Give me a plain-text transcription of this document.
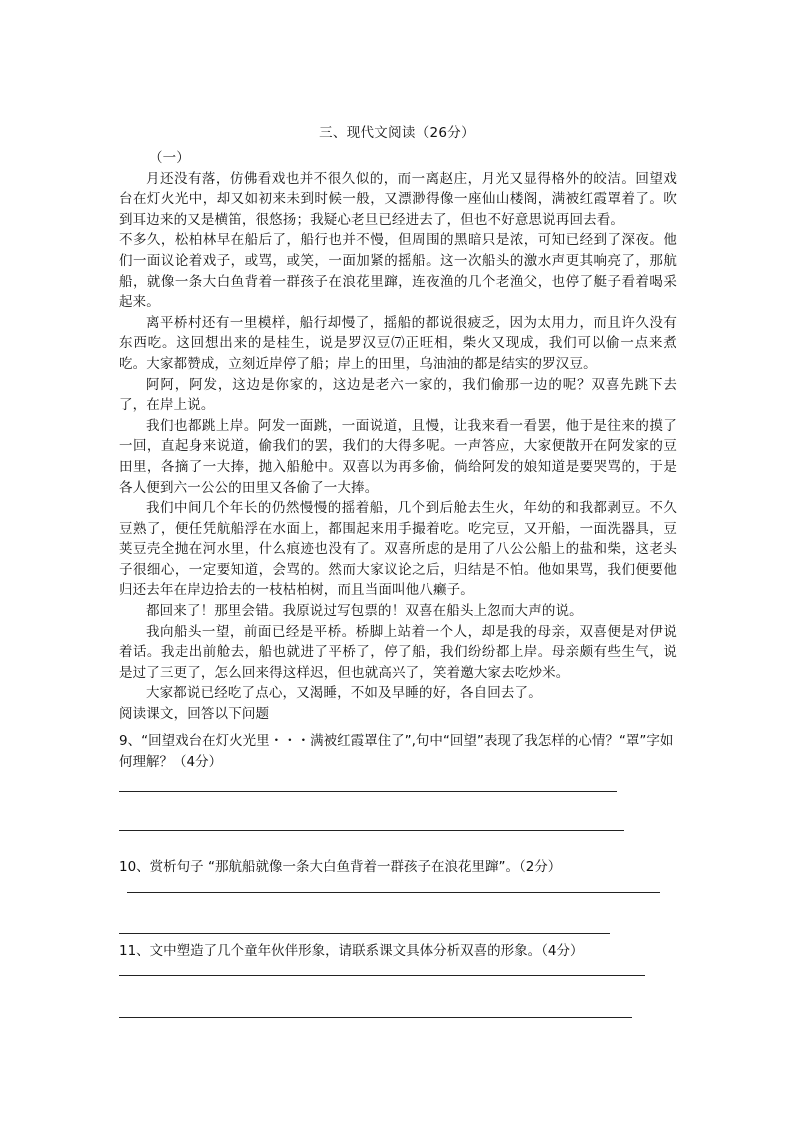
三、现代文阅读（26分）

（一）

月还没有落，仿佛看戏也并不很久似的，而一离赵庄，月光又显得格外的皎洁。回望戏台在灯火光中，却又如初来未到时候一般，又漂渺得像一座仙山楼阁，满被红霞罩着了。吹到耳边来的又是横笛，很悠扬；我疑心老旦已经进去了，但也不好意思说再回去看。

不多久，松柏林早在船后了，船行也并不慢，但周围的黑暗只是浓，可知已经到了深夜。他们一面议论着戏子，或骂，或笑，一面加紧的摇船。这一次船头的激水声更其响亮了，那航船，就像一条大白鱼背着一群孩子在浪花里蹿，连夜渔的几个老渔父，也停了艇子看着喝采起来。

离平桥村还有一里模样，船行却慢了，摇船的都说很疲乏，因为太用力，而且许久没有东西吃。这回想出来的是桂生，说是罗汉豆⑺正旺相，柴火又现成，我们可以偷一点来煮吃。大家都赞成，立刻近岸停了船；岸上的田里，乌油油的都是结实的罗汉豆。

阿阿，阿发，这边是你家的，这边是老六一家的，我们偷那一边的呢？双喜先跳下去了，在岸上说。

我们也都跳上岸。阿发一面跳，一面说道，且慢，让我来看一看罢，他于是往来的摸了一回，直起身来说道，偷我们的罢，我们的大得多呢。一声答应，大家便散开在阿发家的豆田里，各摘了一大捧，抛入船舱中。双喜以为再多偷，倘给阿发的娘知道是要哭骂的，于是各人便到六一公公的田里又各偷了一大捧。

我们中间几个年长的仍然慢慢的摇着船，几个到后舱去生火，年幼的和我都剥豆。不久豆熟了，便任凭航船浮在水面上，都围起来用手撮着吃。吃完豆，又开船，一面洗器具，豆荚豆壳全抛在河水里，什么痕迹也没有了。双喜所虑的是用了八公公船上的盐和柴，这老头子很细心，一定要知道，会骂的。然而大家议论之后，归结是不怕。他如果骂，我们便要他归还去年在岸边拾去的一枝枯柏树，而且当面叫他八癞子。

都回来了！那里会错。我原说过写包票的！双喜在船头上忽而大声的说。

我向船头一望，前面已经是平桥。桥脚上站着一个人，却是我的母亲，双喜便是对伊说着话。我走出前舱去，船也就进了平桥了，停了船，我们纷纷都上岸。母亲颇有些生气，说是过了三更了，怎么回来得这样迟，但也就高兴了，笑着邀大家去吃炒米。

大家都说已经吃了点心，又渴睡，不如及早睡的好，各自回去了。

阅读课文，回答以下问题

9、“回望戏台在灯火光里・・・满被红霞罩住了”,句中“回望”表现了我怎样的心情？“罩”字如何理解？（4分）
10、赏析句子 “那航船就像一条大白鱼背着一群孩子在浪花里蹿”。（2分）
11、文中塑造了几个童年伙伴形象，请联系课文具体分析双喜的形象。（4分）
